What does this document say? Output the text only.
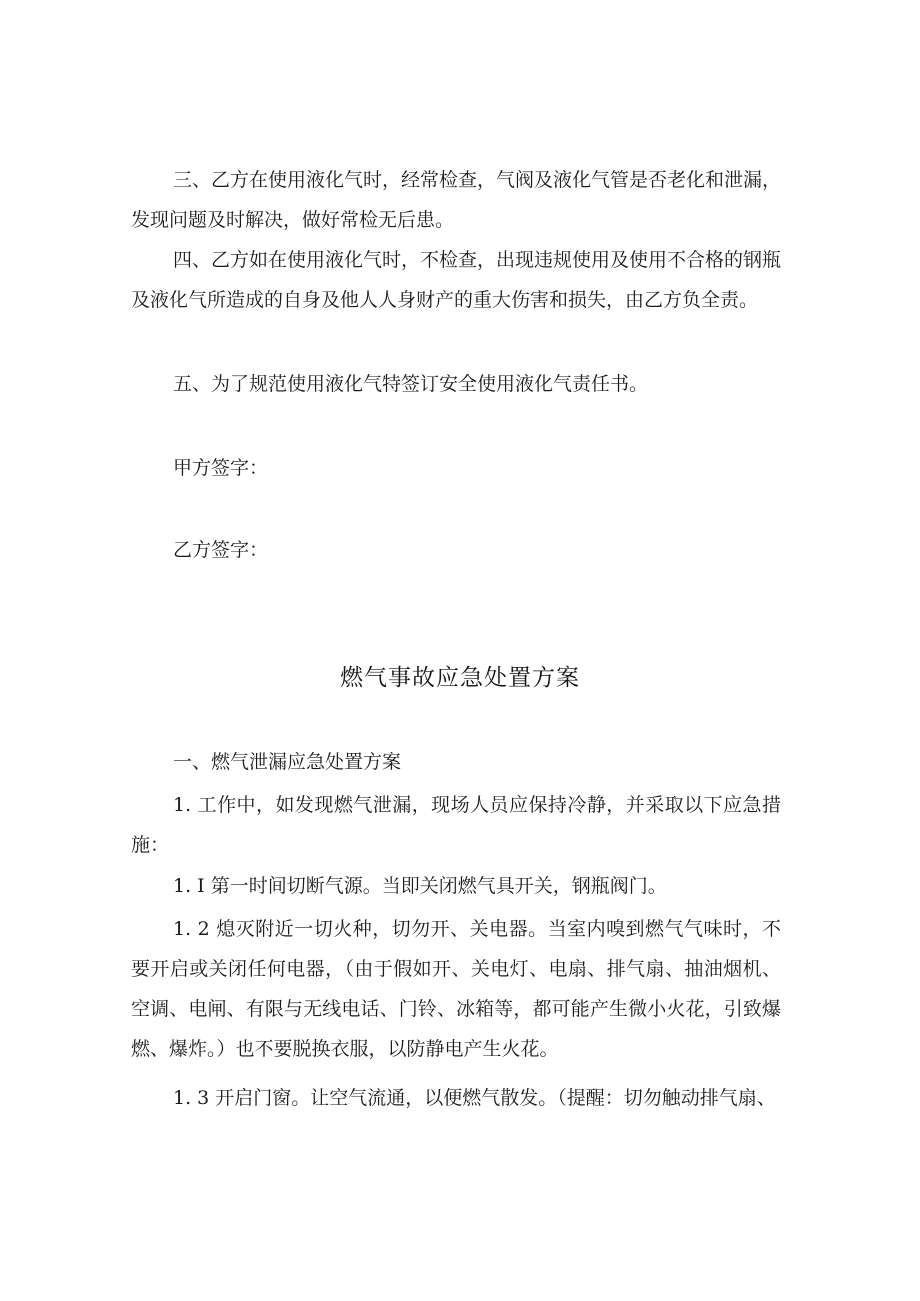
三、乙方在使用液化气时，经常检查，气阀及液化气管是否老化和泄漏，发现问题及时解决，做好常检无后患。

四、乙方如在使用液化气时，不检查，出现违规使用及使用不合格的钢瓶及液化气所造成的自身及他人人身财产的重大伤害和损失，由乙方负全责。

五、为了规范使用液化气特签订安全使用液化气责任书。

甲方签字：
乙方签字：
燃气事故应急处置方案

一、燃气泄漏应急处置方案

1. 工作中，如发现燃气泄漏，现场人员应保持冷静，并采取以下应急措施：

1. I 第一时间切断气源。当即关闭燃气具开关，钢瓶阀门。

1. 2 熄灭附近一切火种，切勿开、关电器。当室内嗅到燃气气味时，不要开启或关闭任何电器，（由于假如开、关电灯、电扇、排气扇、抽油烟机、空调、电闸、有限与无线电话、门铃、冰箱等，都可能产生微小火花，引致爆燃、爆炸。）也不要脱换衣服，以防静电产生火花。

1. 3 开启门窗。让空气流通，以便燃气散发。（提醒：切勿触动排气扇、
